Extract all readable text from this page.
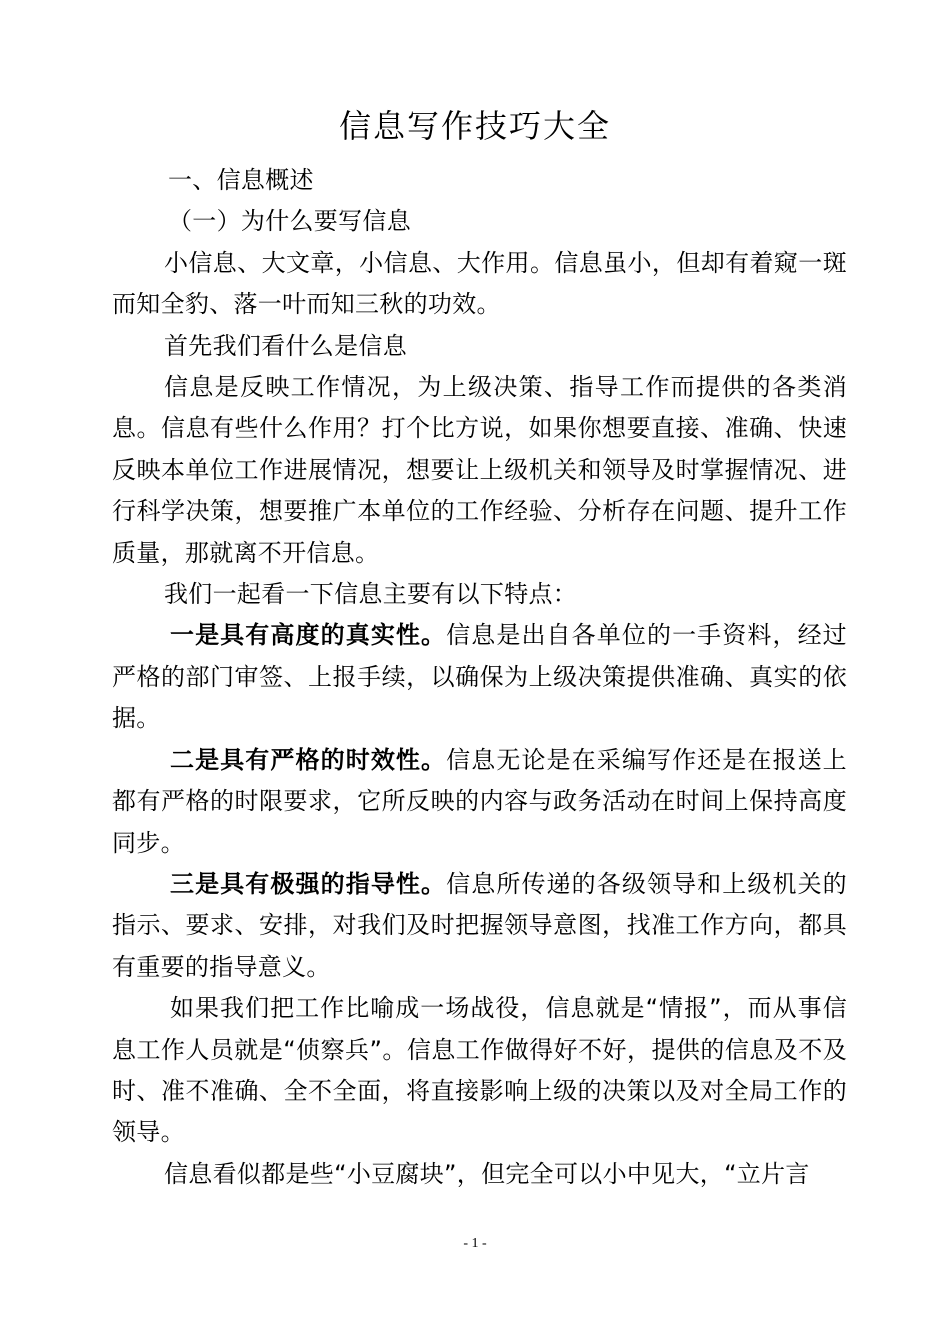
信息写作技巧大全

一、信息概述

（一）为什么要写信息

小信息、大文章，小信息、大作用。信息虽小，但却有着窥一斑而知全豹、落一叶而知三秋的功效。

首先我们看什么是信息

信息是反映工作情况，为上级决策、指导工作而提供的各类消息。信息有些什么作用？打个比方说，如果你想要直接、准确、快速反映本单位工作进展情况，想要让上级机关和领导及时掌握情况、进行科学决策，想要推广本单位的工作经验、分析存在问题、提升工作质量，那就离不开信息。

我们一起看一下信息主要有以下特点：

一是具有高度的真实性。信息是出自各单位的一手资料，经过严格的部门审签、上报手续，以确保为上级决策提供准确、真实的依据。

二是具有严格的时效性。信息无论是在采编写作还是在报送上都有严格的时限要求，它所反映的内容与政务活动在时间上保持高度同步。

三是具有极强的指导性。信息所传递的各级领导和上级机关的指示、要求、安排，对我们及时把握领导意图，找准工作方向，都具有重要的指导意义。

如果我们把工作比喻成一场战役，信息就是“情报”，而从事信息工作人员就是“侦察兵”。信息工作做得好不好，提供的信息及不及时、准不准确、全不全面，将直接影响上级的决策以及对全局工作的领导。

信息看似都是些“小豆腐块”，但完全可以小中见大，“立片言

- 1 -
